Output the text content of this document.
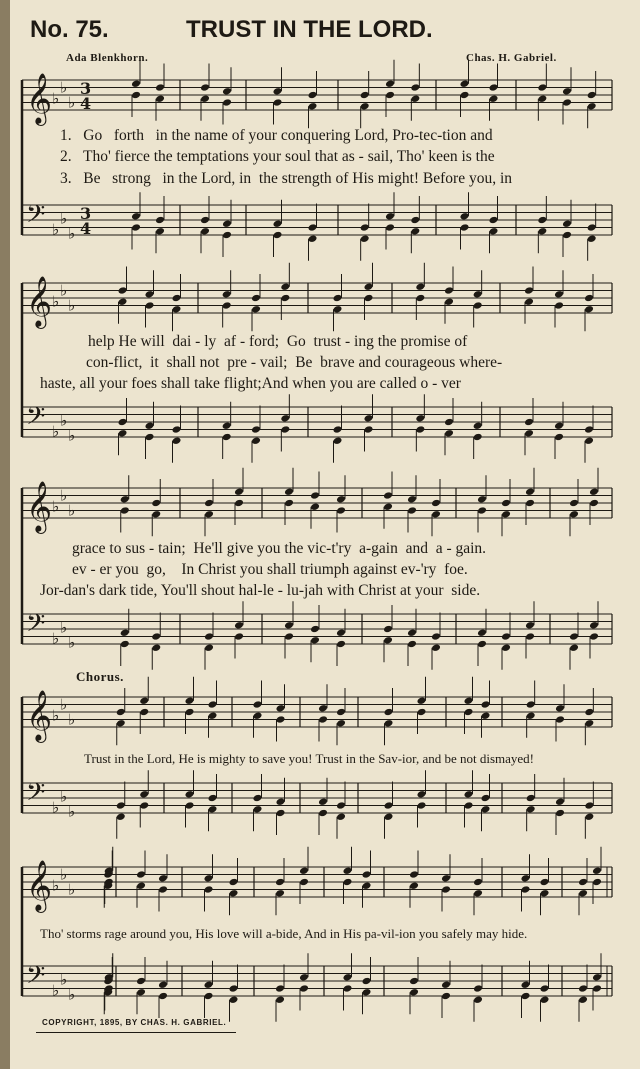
No. 75.	TRUST IN THE LORD.
Ada Blenkhorn.	Chas. H. Gabriel.
𝄞
𝄢
♭
♭
♭
♭
♭
♭
3
3
4
4
𝄞
𝄢
♭
♭
♭
♭
♭
♭
𝄞
𝄢
♭
♭
♭
♭
♭
♭
𝄞
𝄢
♭
♭
♭
♭
♭
♭
𝄞
𝄢
♭
♭
♭
♭
♭
♭
1.   Go   forth   in the name of your conquering Lord, Pro-tec-tion and
2.   Tho' fierce the temptations your soul that as - sail, Tho' keen is the
3.   Be   strong   in the Lord, in  the strength of His might! Before you, in
help He will  dai - ly  af - ford;  Go  trust - ing the promise of
con-flict,  it  shall not  pre - vail;  Be  brave and courageous where-
haste, all your foes shall take flight;And when you are called o - ver
grace to sus - tain;  He'll give you the vic-t'ry  a-gain  and  a - gain.
ev - er you  go,    In Christ you shall triumph against ev-'ry  foe.
Jor-dan's dark tide, You'll shout hal-le - lu-jah with Christ at your  side.
Chorus.
Trust in the Lord, He is mighty to save you! Trust in the Sav-ior, and be not dismayed!
Tho' storms rage around you, His love will a-bide, And in His pa-vil-ion you safely may hide.
COPYRIGHT, 1895, BY CHAS. H. GABRIEL.
